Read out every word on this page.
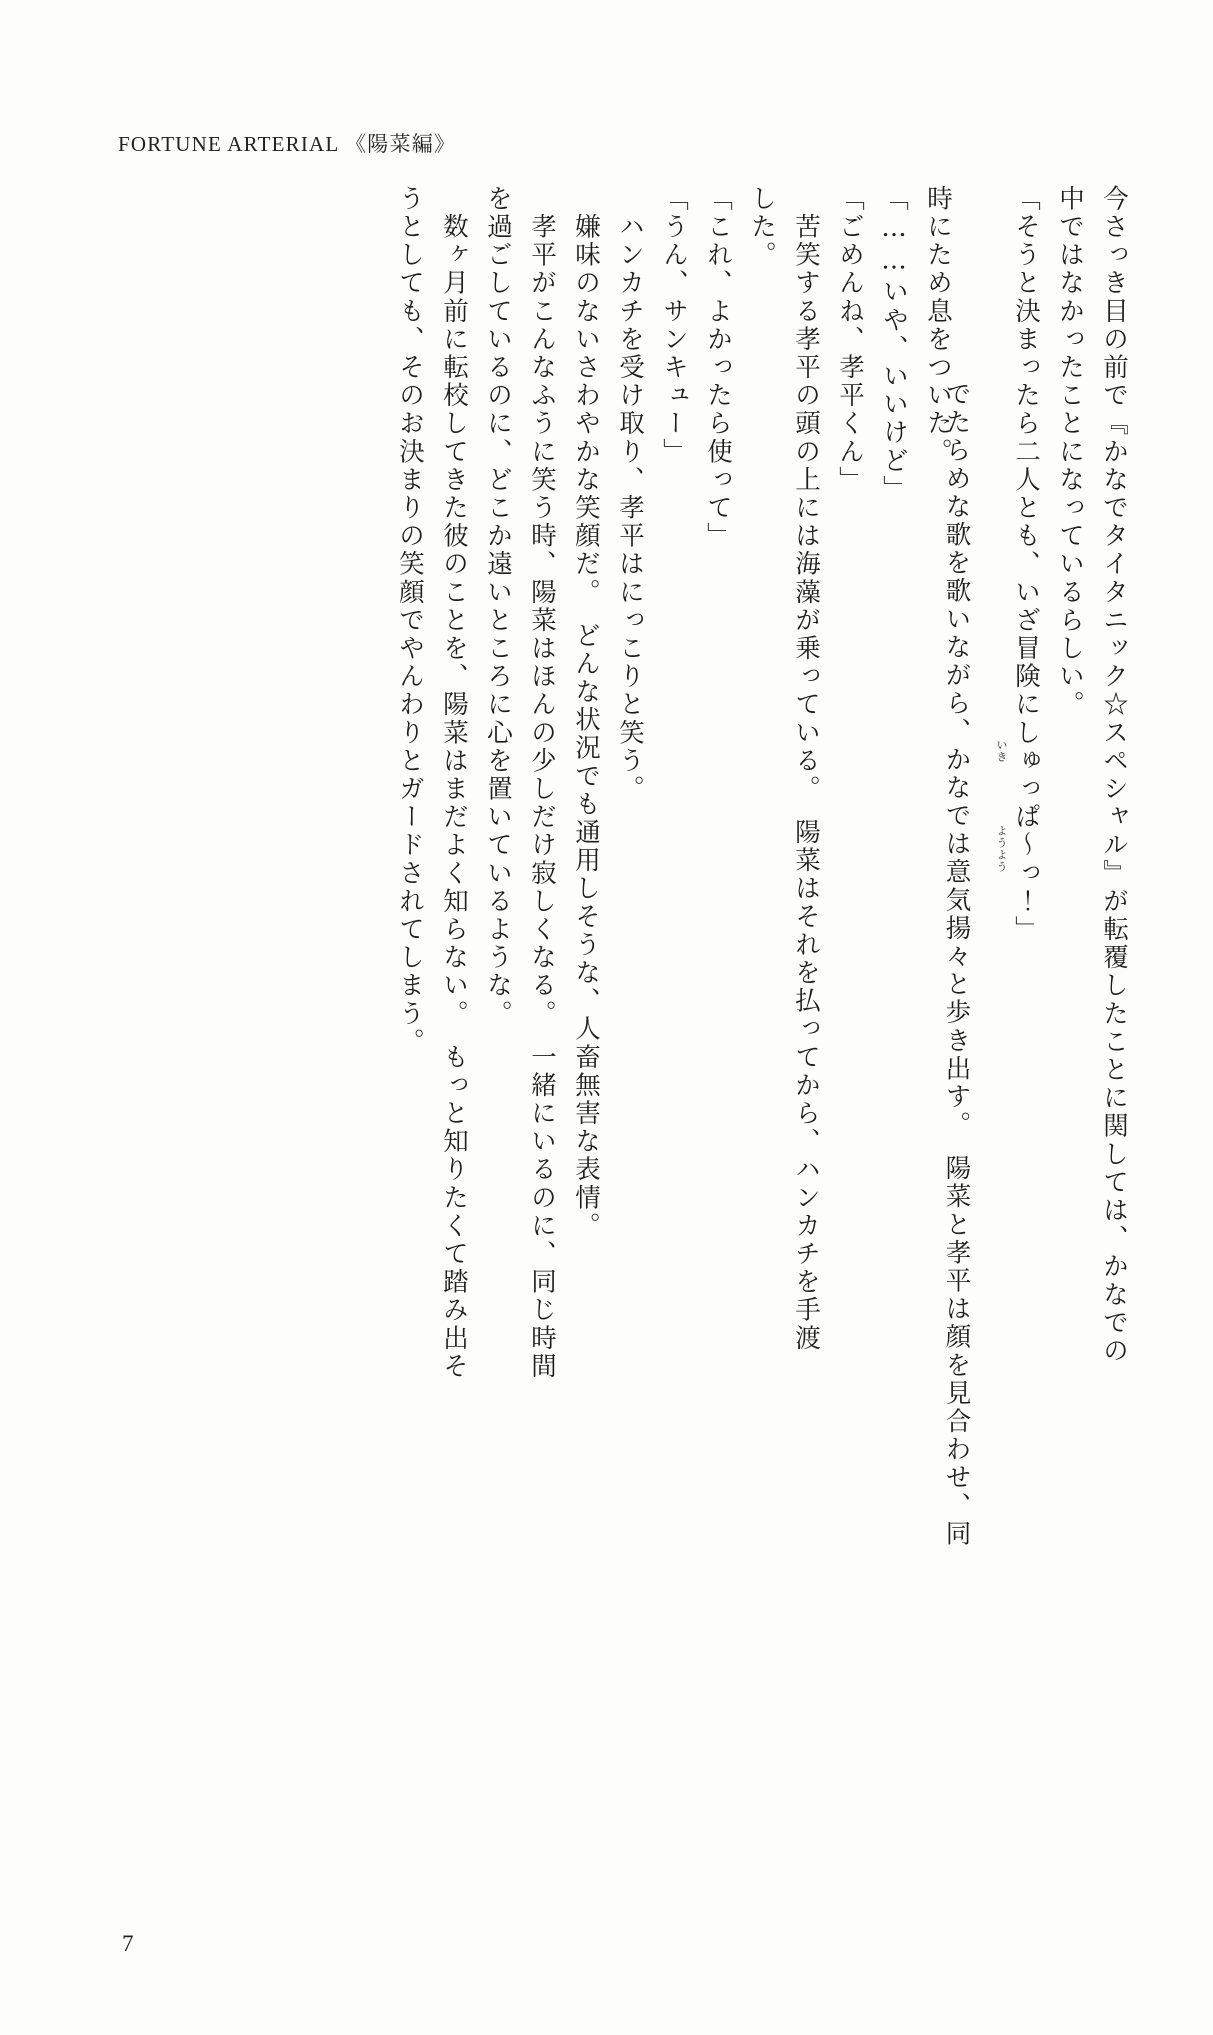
FORTUNE ARTERIAL 《陽菜編》
今さっき目の前で『かなでタイタニック☆スペシャル』が転覆したことに関しては、かなでの
中ではなかったことになっているらしい。
「そうと決まったら二人とも、いざ冒険にしゅっぱ～っ！」

でたらめな歌を歌いながら、かなでは意気揚々と歩き出す。　陽菜と孝平は顔を見合わせ、同
いき

ようよう

時にため息をついた。
「……いや、いいけど」
「ごめんね、孝平くん」
　苦笑する孝平の頭の上には海藻が乗っている。　陽菜はそれを払ってから、ハンカチを手渡
した。
「これ、よかったら使って」
「うん、サンキュー」
　ハンカチを受け取り、孝平はにっこりと笑う。
　嫌味のないさわやかな笑顔だ。　どんな状況でも通用しそうな、人畜無害な表情。
　孝平がこんなふうに笑う時、陽菜はほんの少しだけ寂しくなる。　一緒にいるのに、同じ時間
を過ごしているのに、どこか遠いところに心を置いているような。
　数ヶ月前に転校してきた彼のことを、陽菜はまだよく知らない。　もっと知りたくて踏み出そ
うとしても、そのお決まりの笑顔でやんわりとガードされてしまう。
7
